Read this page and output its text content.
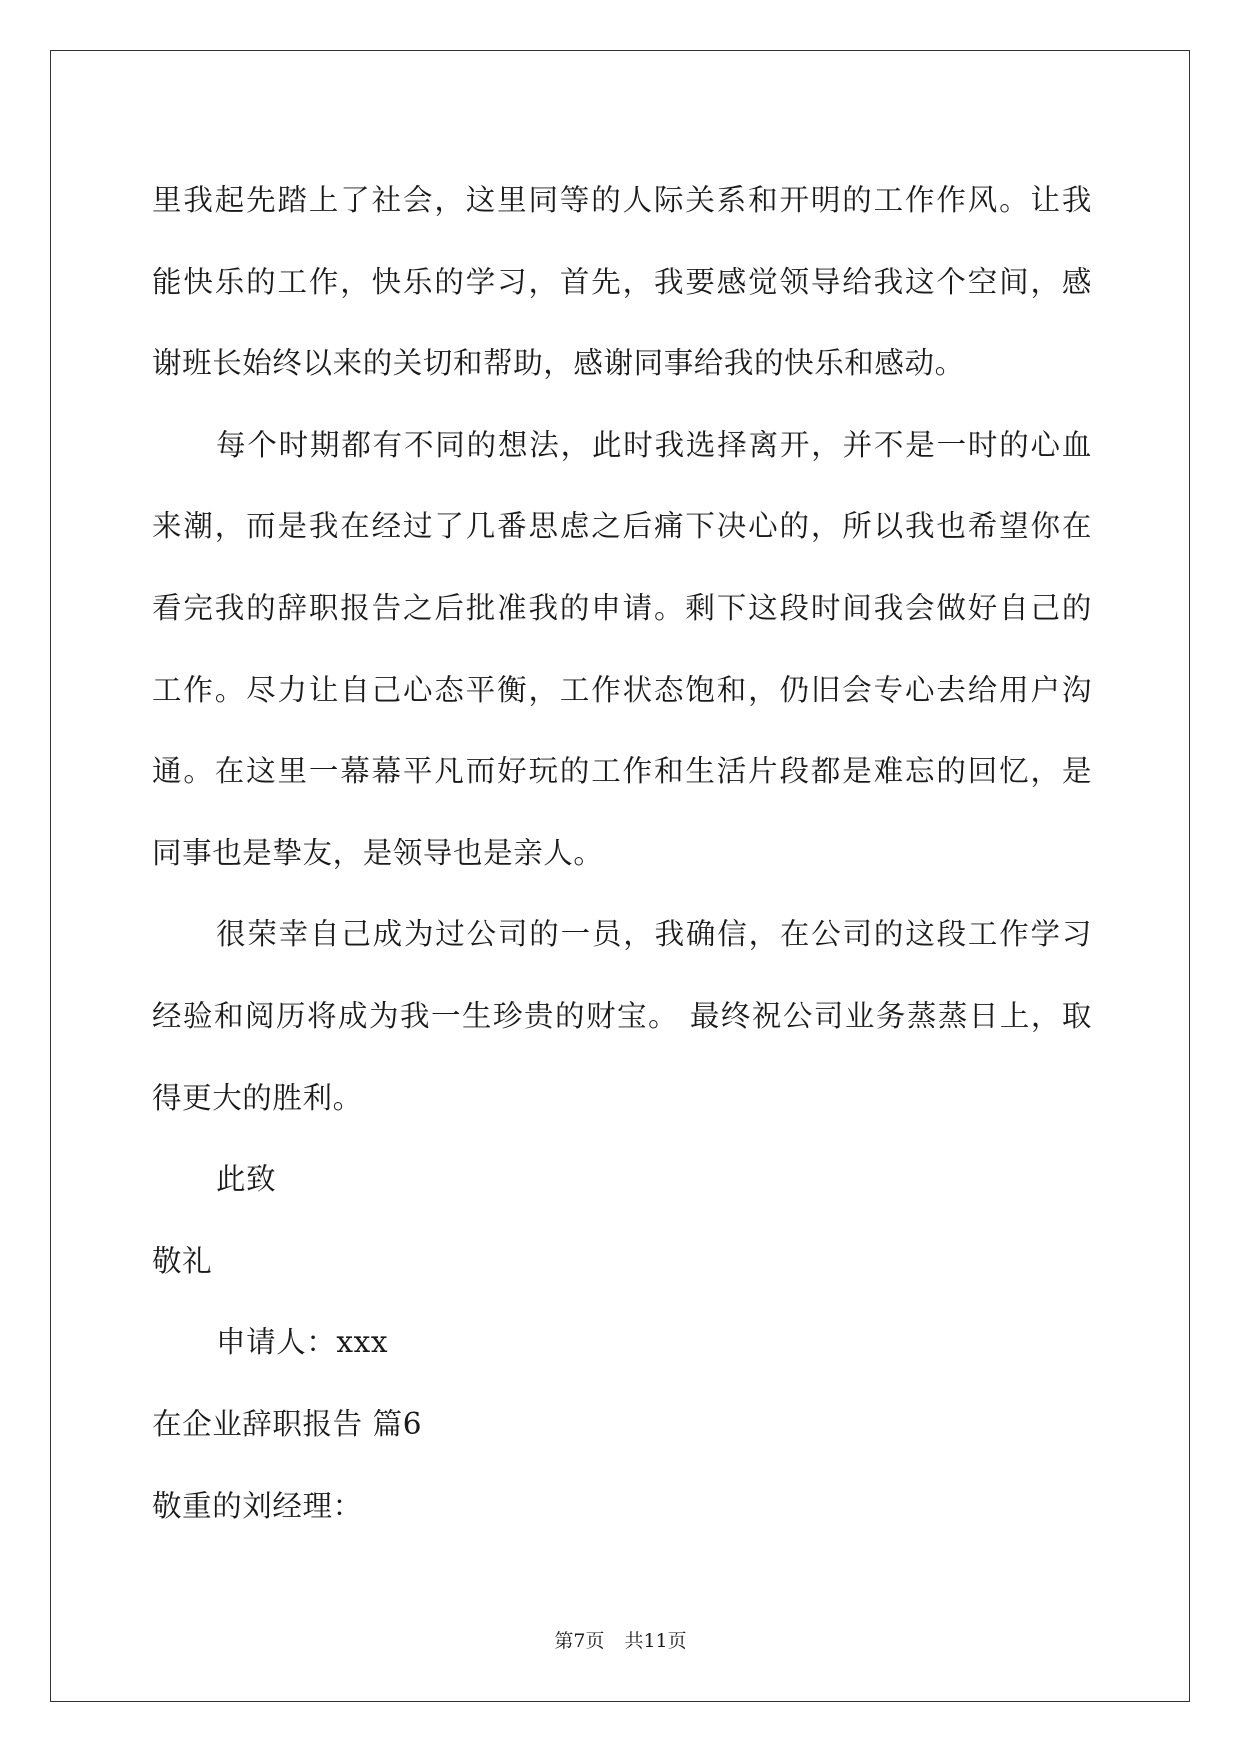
里我起先踏上了社会，这里同等的人际关系和开明的工作作风。让我
能快乐的工作，快乐的学习，首先，我要感觉领导给我这个空间，感
谢班长始终以来的关切和帮助，感谢同事给我的快乐和感动。
每个时期都有不同的想法，此时我选择离开，并不是一时的心血
来潮，而是我在经过了几番思虑之后痛下决心的，所以我也希望你在
看完我的辞职报告之后批准我的申请。剩下这段时间我会做好自己的
工作。尽力让自己心态平衡，工作状态饱和，仍旧会专心去给用户沟
通。在这里一幕幕平凡而好玩的工作和生活片段都是难忘的回忆，是
同事也是挚友，是领导也是亲人。
很荣幸自己成为过公司的一员，我确信，在公司的这段工作学习
经验和阅历将成为我一生珍贵的财宝。 最终祝公司业务蒸蒸日上，取
得更大的胜利。
此致
敬礼
申请人：xxx
在企业辞职报告 篇6
敬重的刘经理：
第7页 共11页
